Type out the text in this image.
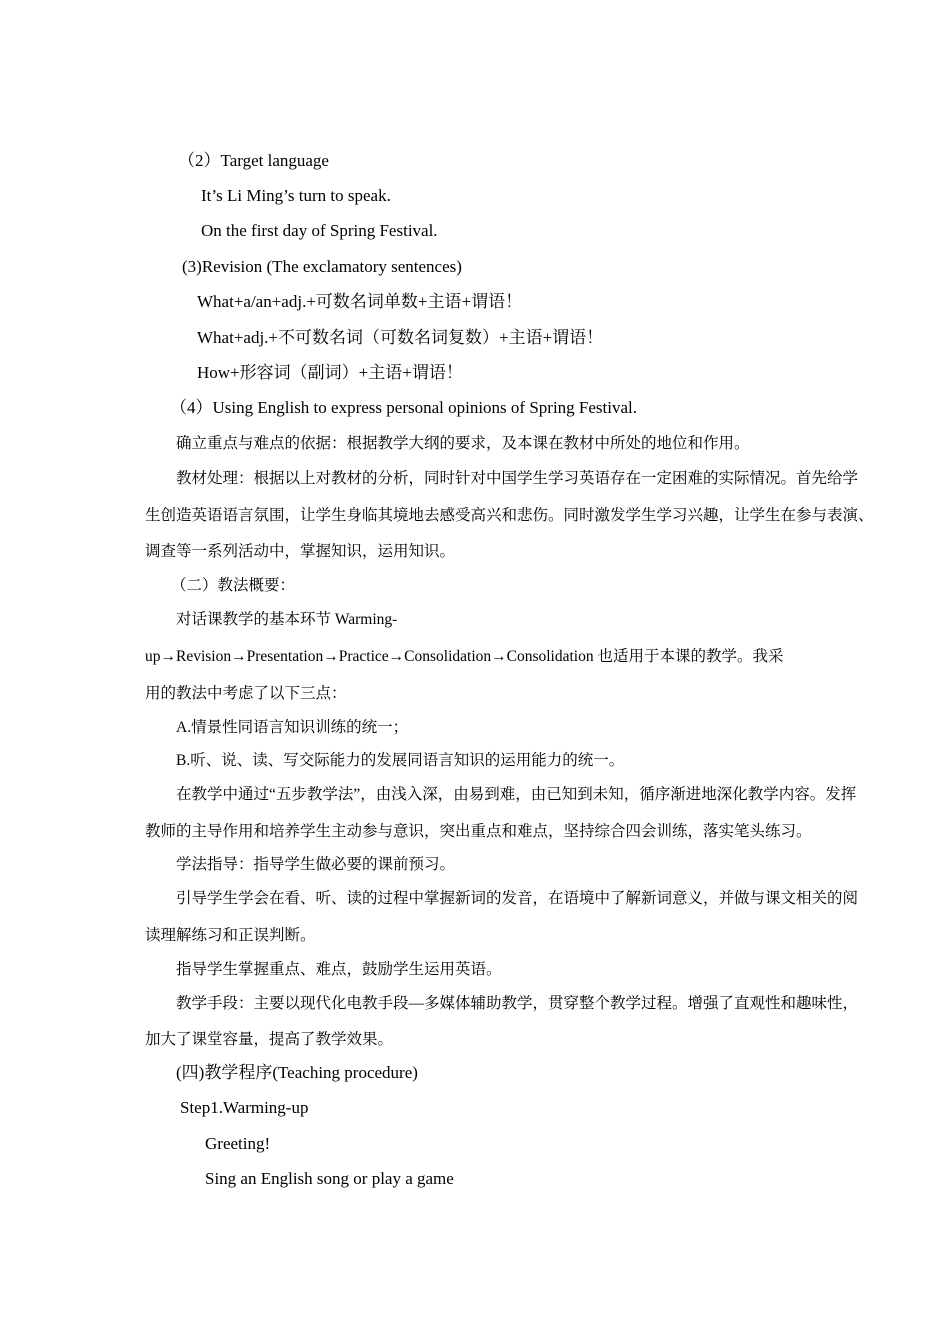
（2）Target language
It’s Li Ming’s turn to speak.
On the first day of Spring Festival.
(3)Revision (The exclamatory sentences)
What+a/an+adj.+可数名词单数+主语+谓语！
What+adj.+不可数名词（可数名词复数）+主语+谓语！
How+形容词（副词）+主语+谓语！
（4）Using English to express personal opinions of Spring Festival.
确立重点与难点的依据：根据教学大纲的要求，及本课在教材中所处的地位和作用。
教材处理：根据以上对教材的分析，同时针对中国学生学习英语存在一定困难的实际情况。首先给学
生创造英语语言氛围，让学生身临其境地去感受高兴和悲伤。同时激发学生学习兴趣，让学生在参与表演、
调查等一系列活动中，掌握知识，运用知识。
（二）教法概要：
对话课教学的基本环节 Warming-
up→Revision→Presentation→Practice→Consolidation→Consolidation 也适用于本课的教学。我采
用的教法中考虑了以下三点：
A.情景性同语言知识训练的统一；
B.听、说、读、写交际能力的发展同语言知识的运用能力的统一。
在教学中通过“五步教学法”，由浅入深，由易到难，由已知到未知，循序渐进地深化教学内容。发挥
教师的主导作用和培养学生主动参与意识，突出重点和难点，坚持综合四会训练，落实笔头练习。
学法指导：指导学生做必要的课前预习。
引导学生学会在看、听、读的过程中掌握新词的发音，在语境中了解新词意义，并做与课文相关的阅
读理解练习和正误判断。
指导学生掌握重点、难点，鼓励学生运用英语。
教学手段：主要以现代化电教手段—多媒体辅助教学，贯穿整个教学过程。增强了直观性和趣味性，
加大了课堂容量，提高了教学效果。
(四)教学程序(Teaching procedure)
Step1.Warming-up
Greeting!
Sing an English song or play a game
